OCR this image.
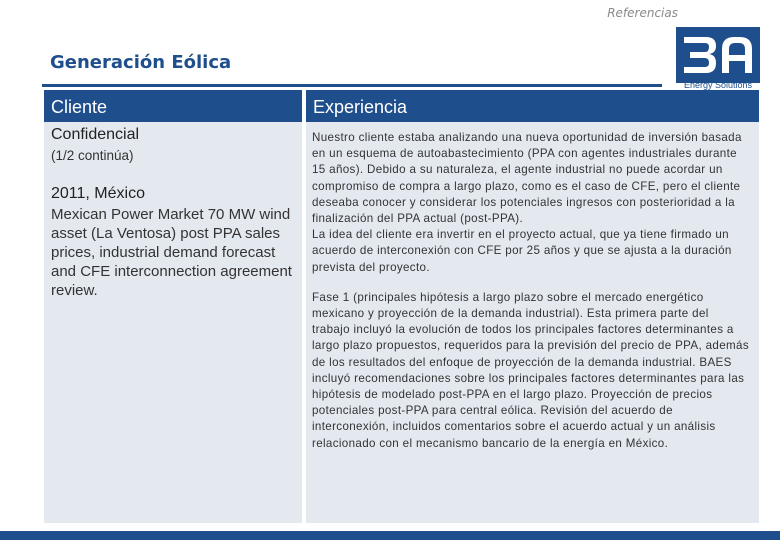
Referencias
Generación Eólica
Energy Solutions
Cliente
Confidencial
(1/2 continúa)
2011, México
Mexican Power Market 70 MW wind asset (La Ventosa) post PPA sales prices, industrial demand forecast and CFE interconnection agreement review.
Experiencia
Nuestro cliente estaba analizando una nueva oportunidad de inversión basada en un esquema de autoabastecimiento (PPA con agentes industriales durante 15 años). Debido a su naturaleza, el agente industrial no puede acordar un compromiso de compra a largo plazo, como es el caso de CFE, pero el cliente deseaba conocer y considerar los potenciales ingresos con posterioridad a la finalización del PPA actual (post-PPA).
La idea del cliente era invertir en el proyecto actual, que ya tiene firmado un acuerdo de interconexión con CFE por 25 años y que se ajusta a la duración prevista del proyecto.
Fase 1 (principales hipótesis a largo plazo sobre el mercado energético mexicano y proyección de la demanda industrial). Esta primera parte del trabajo incluyó la evolución de todos los principales factores determinantes a largo plazo propuestos, requeridos para la previsión del precio de PPA, además de los resultados del enfoque de proyección de la demanda industrial. BAES incluyó recomendaciones sobre los principales factores determinantes para las hipótesis de modelado post-PPA en el largo plazo. Proyección de precios potenciales post-PPA para central eólica. Revisión del acuerdo de interconexión, incluidos comentarios sobre el acuerdo actual y un análisis relacionado con el mecanismo bancario de la energía en México.
